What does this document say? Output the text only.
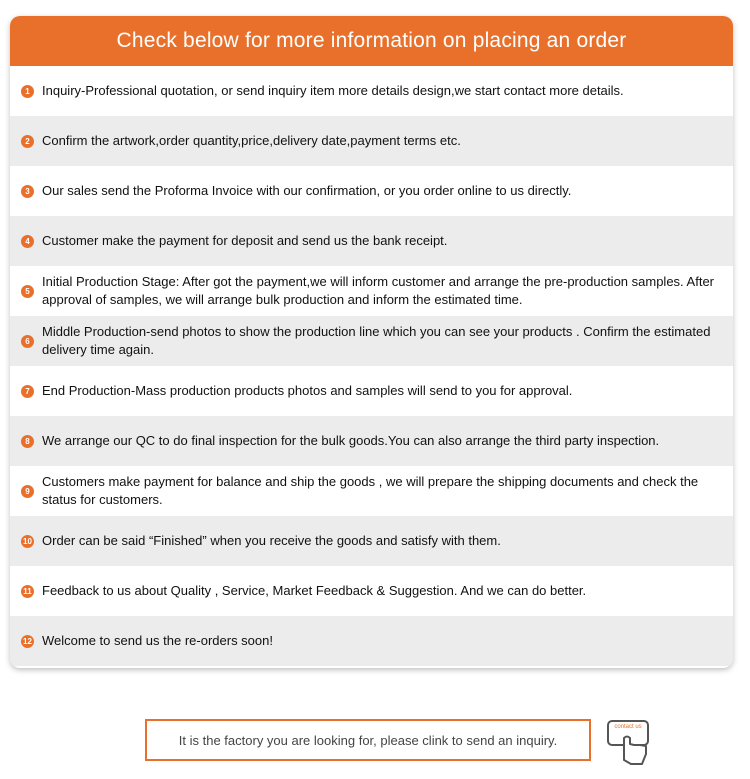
Check below for more information on placing an order
1 Inquiry-Professional quotation, or send inquiry item more details design,we start contact more details.
2 Confirm the artwork,order quantity,price,delivery date,payment terms etc.
3 Our sales send the Proforma Invoice with our confirmation, or you order online to us directly.
4 Customer make the payment for deposit and send us the bank receipt.
5
Initial Production Stage: After got the payment,we will inform customer and arrange the pre-production samples. After approval of samples, we will arrange bulk production and inform the estimated time.
6
Middle Production-send photos to show the production line which you can see your products . Confirm the estimated delivery time again.
7 End Production-Mass production products photos and samples will send to you for approval.
8 We arrange our QC to do final inspection for the bulk goods.You can also arrange the third party inspection.
9
Customers make payment for balance and ship the goods , we will prepare the shipping documents and check the status for customers.
10 Order can be said “Finished” when you receive the goods and satisfy with them.
11 Feedback to us about Quality , Service, Market Feedback & Suggestion. And we can do better.
12 Welcome to send us the re-orders soon!
It is the factory you are looking for, please clink to send an inquiry.
contact us
